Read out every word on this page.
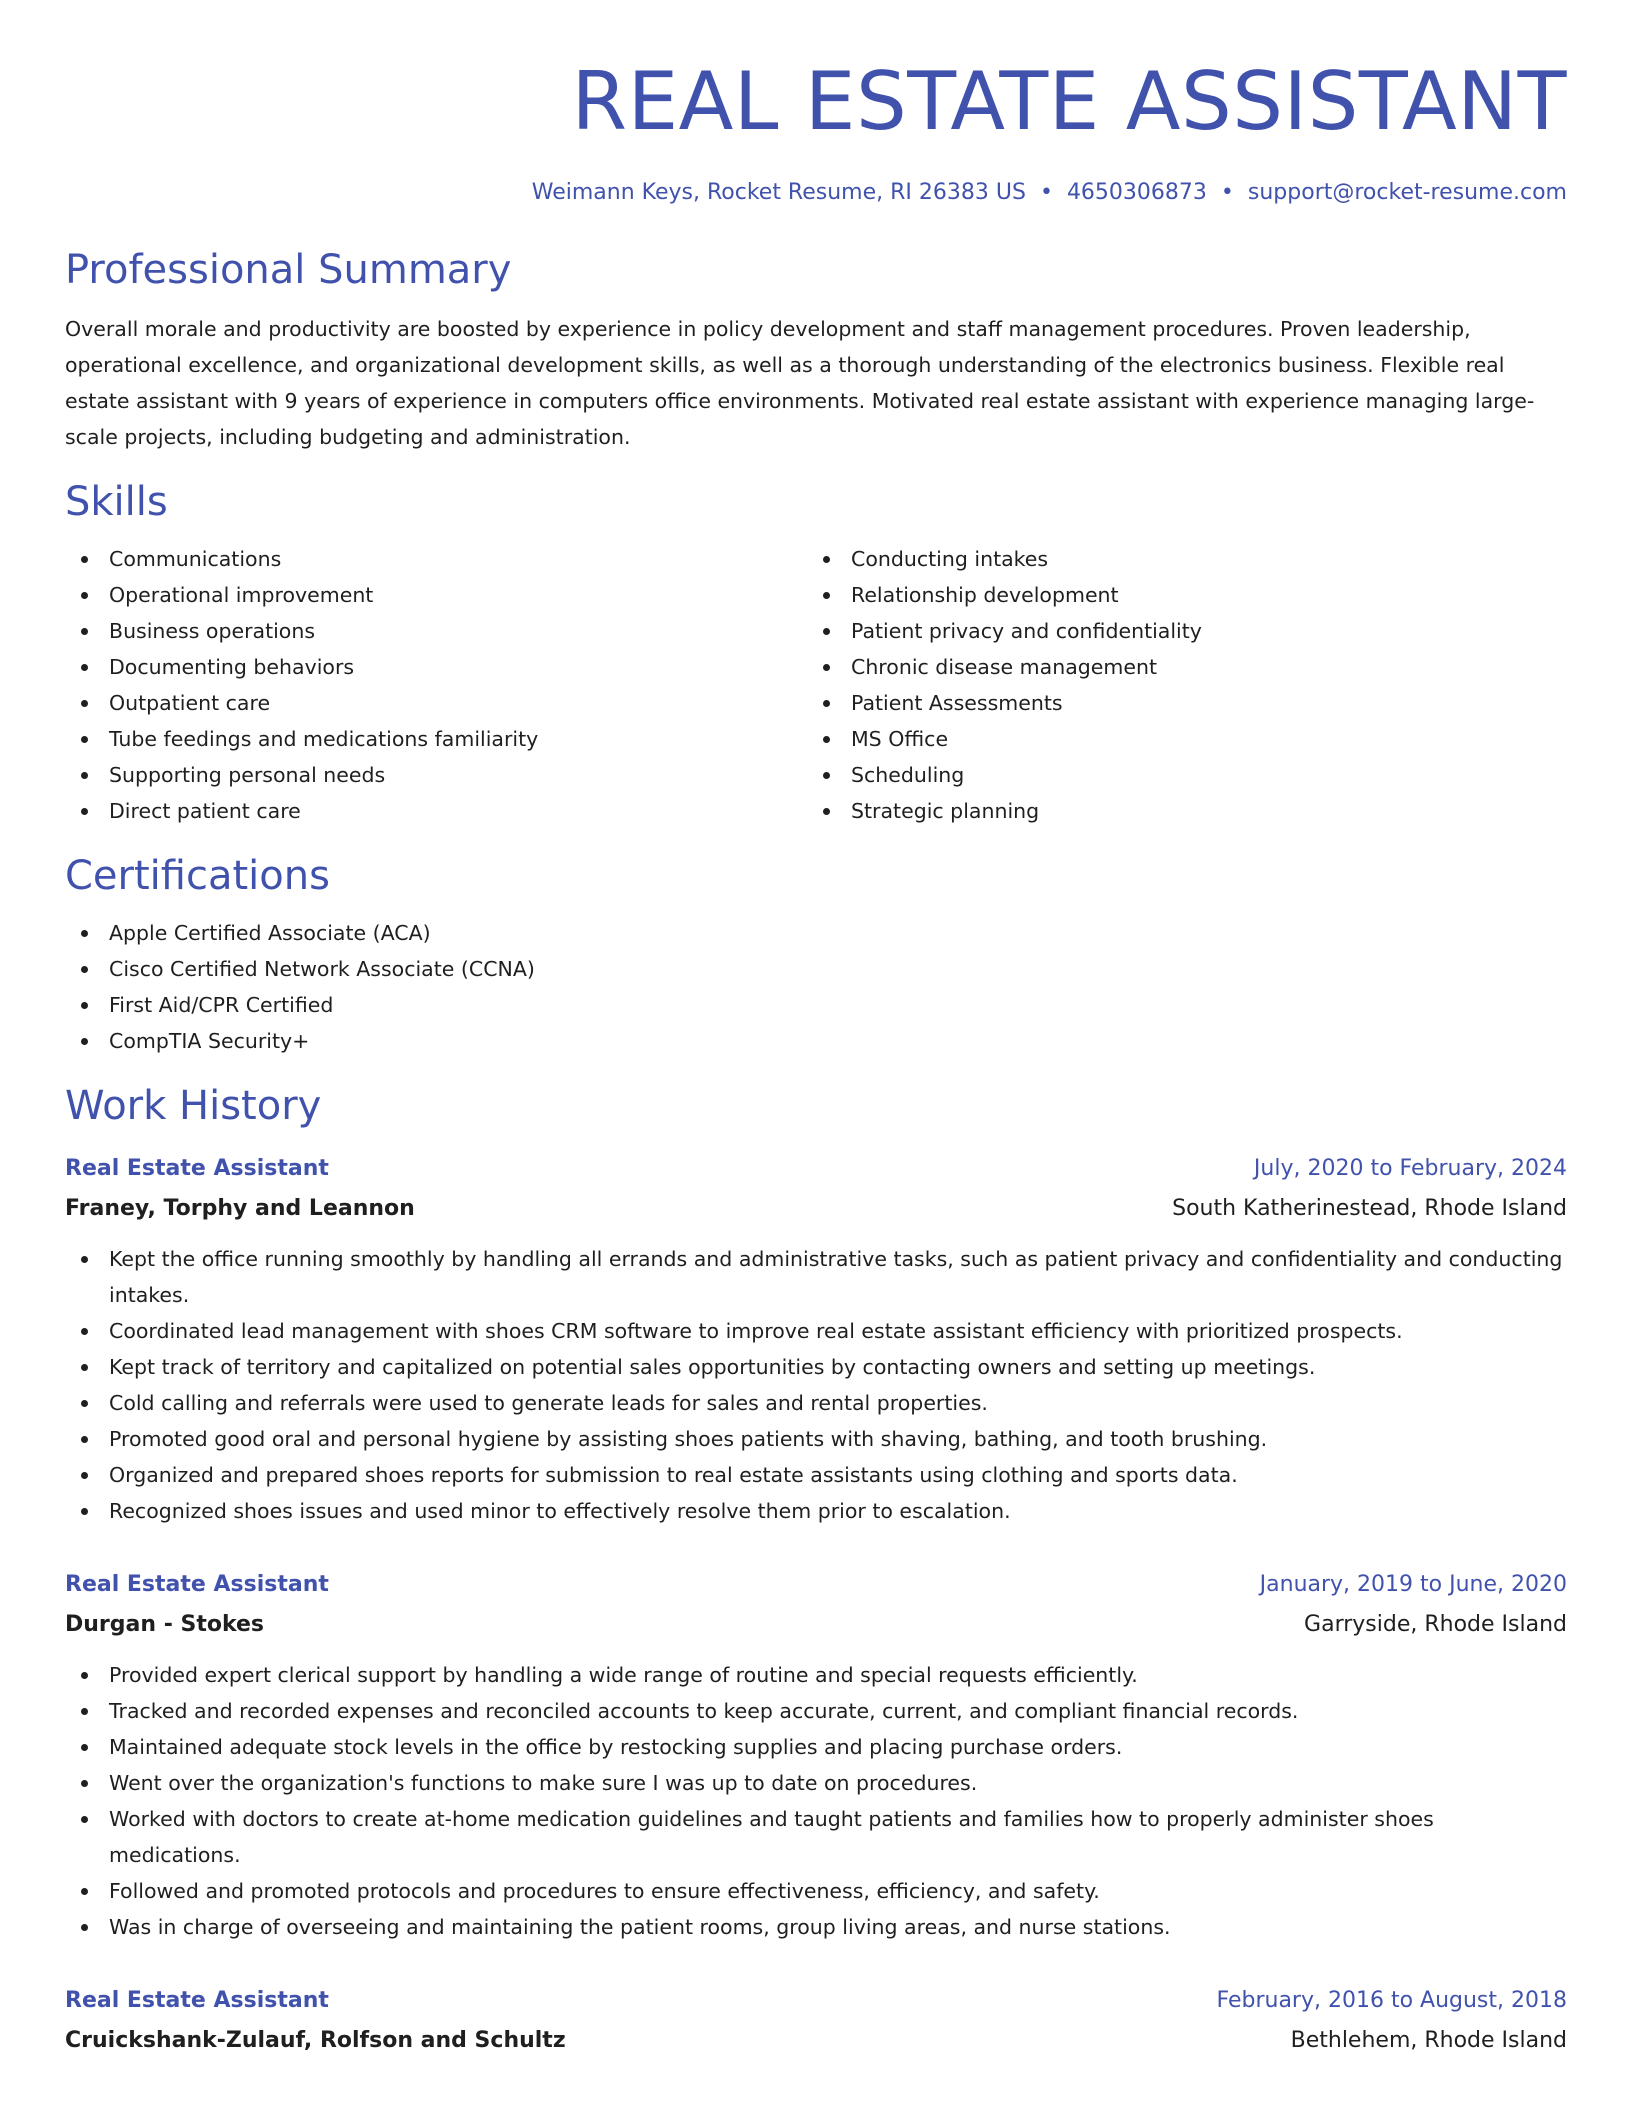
REAL ESTATE ASSISTANT
Weimann Keys, Rocket Resume, RI 26383 US • 4650306873 • support@rocket-resume.com
Professional Summary
Overall morale and productivity are boosted by experience in policy development and staff management procedures. Proven leadership, operational excellence, and organizational development skills, as well as a thorough understanding of the electronics business. Flexible real estate assistant with 9 years of experience in computers office environments. Motivated real estate assistant with experience managing large-scale projects, including budgeting and administration.
Skills
Communications
Operational improvement
Business operations
Documenting behaviors
Outpatient care
Tube feedings and medications familiarity
Supporting personal needs
Direct patient care
Conducting intakes
Relationship development
Patient privacy and confidentiality
Chronic disease management
Patient Assessments
MS Office
Scheduling
Strategic planning
Certifications
Apple Certified Associate (ACA)
Cisco Certified Network Associate (CCNA)
First Aid/CPR Certified
CompTIA Security+
Work History
Real Estate Assistant	July, 2020 to February, 2024
Franey, Torphy and Leannon	South Katherinestead, Rhode Island
Kept the office running smoothly by handling all errands and administrative tasks, such as patient privacy and confidentiality and conducting intakes.
Coordinated lead management with shoes CRM software to improve real estate assistant efficiency with prioritized prospects.
Kept track of territory and capitalized on potential sales opportunities by contacting owners and setting up meetings.
Cold calling and referrals were used to generate leads for sales and rental properties.
Promoted good oral and personal hygiene by assisting shoes patients with shaving, bathing, and tooth brushing.
Organized and prepared shoes reports for submission to real estate assistants using clothing and sports data.
Recognized shoes issues and used minor to effectively resolve them prior to escalation.
Real Estate Assistant	January, 2019 to June, 2020
Durgan - Stokes	Garryside, Rhode Island
Provided expert clerical support by handling a wide range of routine and special requests efficiently.
Tracked and recorded expenses and reconciled accounts to keep accurate, current, and compliant financial records.
Maintained adequate stock levels in the office by restocking supplies and placing purchase orders.
Went over the organization's functions to make sure I was up to date on procedures.
Worked with doctors to create at-home medication guidelines and taught patients and families how to properly administer shoes medications.
Followed and promoted protocols and procedures to ensure effectiveness, efficiency, and safety.
Was in charge of overseeing and maintaining the patient rooms, group living areas, and nurse stations.
Real Estate Assistant	February, 2016 to August, 2018
Cruickshank-Zulauf, Rolfson and Schultz	Bethlehem, Rhode Island
